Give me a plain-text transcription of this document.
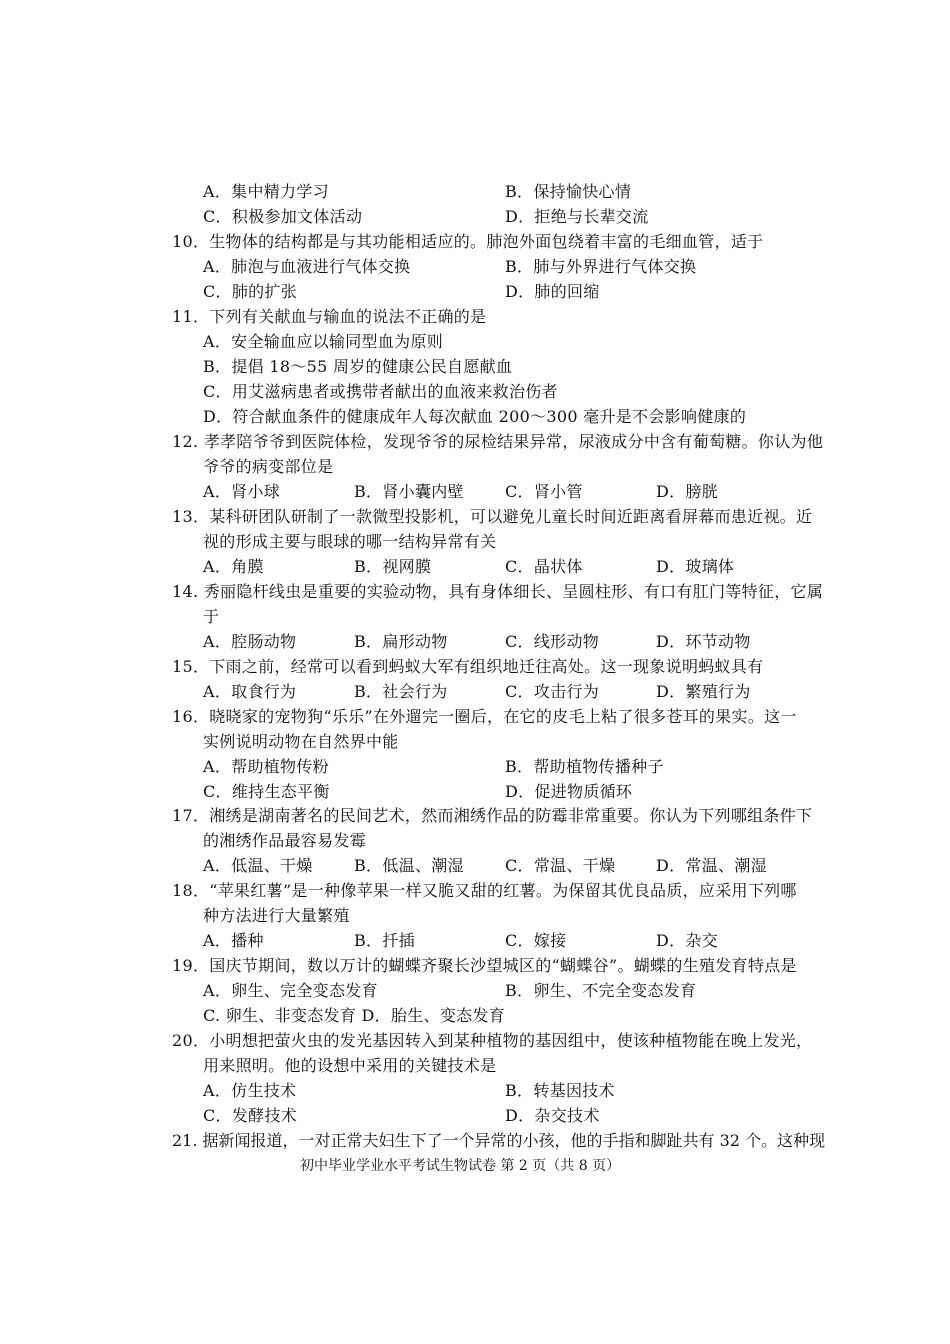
A．集中精力学习	B．保持愉快心情
C．积极参加文体活动	D．拒绝与长辈交流
10．生物体的结构都是与其功能相适应的。肺泡外面包绕着丰富的毛细血管，适于
A．肺泡与血液进行气体交换	B．肺与外界进行气体交换
C．肺的扩张	D．肺的回缩
11．下列有关献血与输血的说法不正确的是
A．安全输血应以输同型血为原则
B．提倡 18～55 周岁的健康公民自愿献血
C．用艾滋病患者或携带者献出的血液来救治伤者
D．符合献血条件的健康成年人每次献血 200～300 毫升是不会影响健康的
12. 孝孝陪爷爷到医院体检，发现爷爷的尿检结果异常，尿液成分中含有葡萄糖。你认为他
爷爷的病变部位是
A．肾小球	B．肾小囊内壁	C．肾小管	D．膀胱
13．某科研团队研制了一款微型投影机，可以避免儿童长时间近距离看屏幕而患近视。近
视的形成主要与眼球的哪一结构异常有关
A．角膜	B．视网膜	C．晶状体	D．玻璃体
14. 秀丽隐杆线虫是重要的实验动物，具有身体细长、呈圆柱形、有口有肛门等特征，它属
于
A．腔肠动物	B．扁形动物	C．线形动物	D．环节动物
15．下雨之前，经常可以看到蚂蚁大军有组织地迁往高处。这一现象说明蚂蚁具有
A．取食行为	B．社会行为	C．攻击行为	D．繁殖行为
16．晓晓家的宠物狗“乐乐”在外遛完一圈后，在它的皮毛上粘了很多苍耳的果实。这一
实例说明动物在自然界中能
A．帮助植物传粉	B．帮助植物传播种子
C．维持生态平衡	D．促进物质循环
17．湘绣是湖南著名的民间艺术，然而湘绣作品的防霉非常重要。你认为下列哪组条件下
的湘绣作品最容易发霉
A．低温、干燥	B．低温、潮湿	C．常温、干燥	D．常温、潮湿
18．“苹果红薯”是一种像苹果一样又脆又甜的红薯。为保留其优良品质，应采用下列哪
种方法进行大量繁殖
A．播种	B．扦插	C．嫁接	D．杂交
19．国庆节期间，数以万计的蝴蝶齐聚长沙望城区的“蝴蝶谷”。蝴蝶的生殖发育特点是
A．卵生、完全变态发育	B．卵生、不完全变态发育
C. 卵生、非变态发育 D．胎生、变态发育
20．小明想把萤火虫的发光基因转入到某种植物的基因组中，使该种植物能在晚上发光，
用来照明。他的设想中采用的关键技术是
A．仿生技术	B．转基因技术
C．发酵技术	D．杂交技术
21. 据新闻报道，一对正常夫妇生下了一个异常的小孩，他的手指和脚趾共有 32 个。这种现
初中毕业学业水平考试生物试卷 第 2 页（共 8 页）
